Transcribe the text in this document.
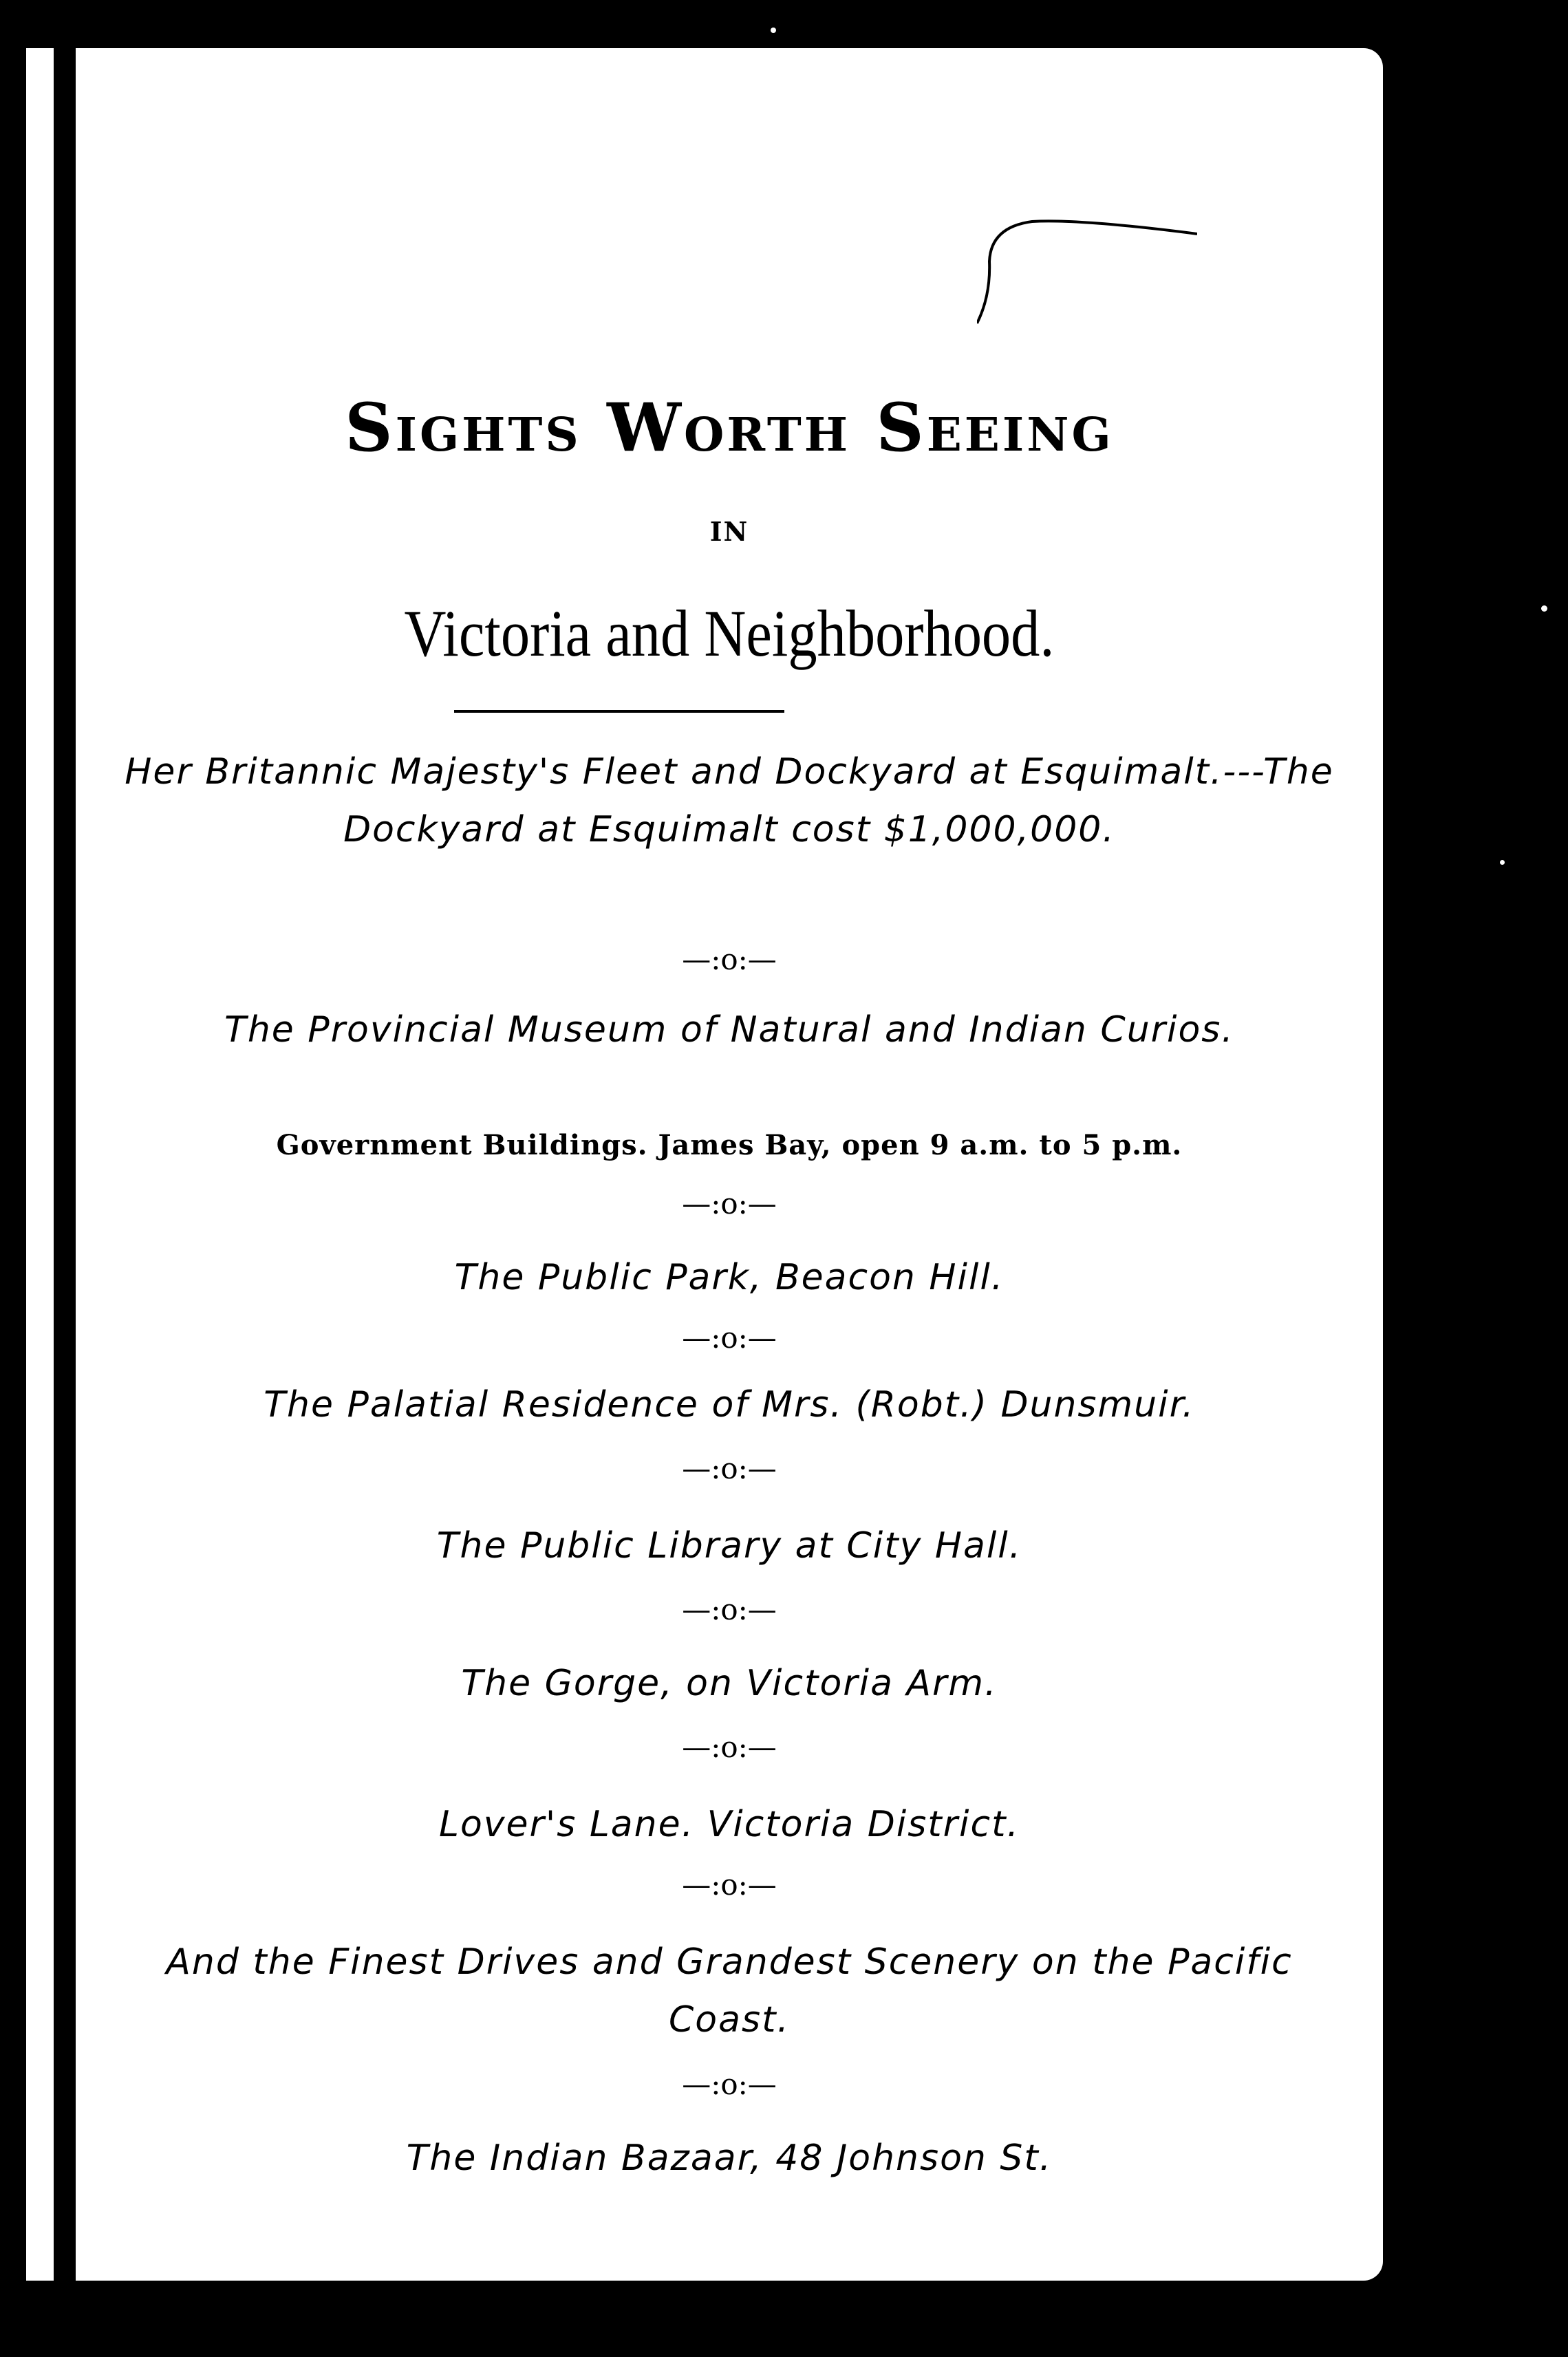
Sights Worth Seeing
IN
Victoria and Neighborhood.

Her Britannic Majesty's Fleet and Dockyard at Esquimalt.---The Dockyard at Esquimalt cost $1,000,000.

—:o:—

The Provincial Museum of Natural and Indian Curios.

Government Buildings. James Bay, open 9 a.m. to 5 p.m.
—:o:—

The Public Park, Beacon Hill.

—:o:—

The Palatial Residence of Mrs. (Robt.) Dunsmuir.

—:o:—

The Public Library at City Hall.

—:o:—

The Gorge, on Victoria Arm.

—:o:—

Lover's Lane. Victoria District.

—:o:—

And the Finest Drives and Grandest Scenery on the Pacific Coast.

—:o:—

The Indian Bazaar, 48 Johnson St.
